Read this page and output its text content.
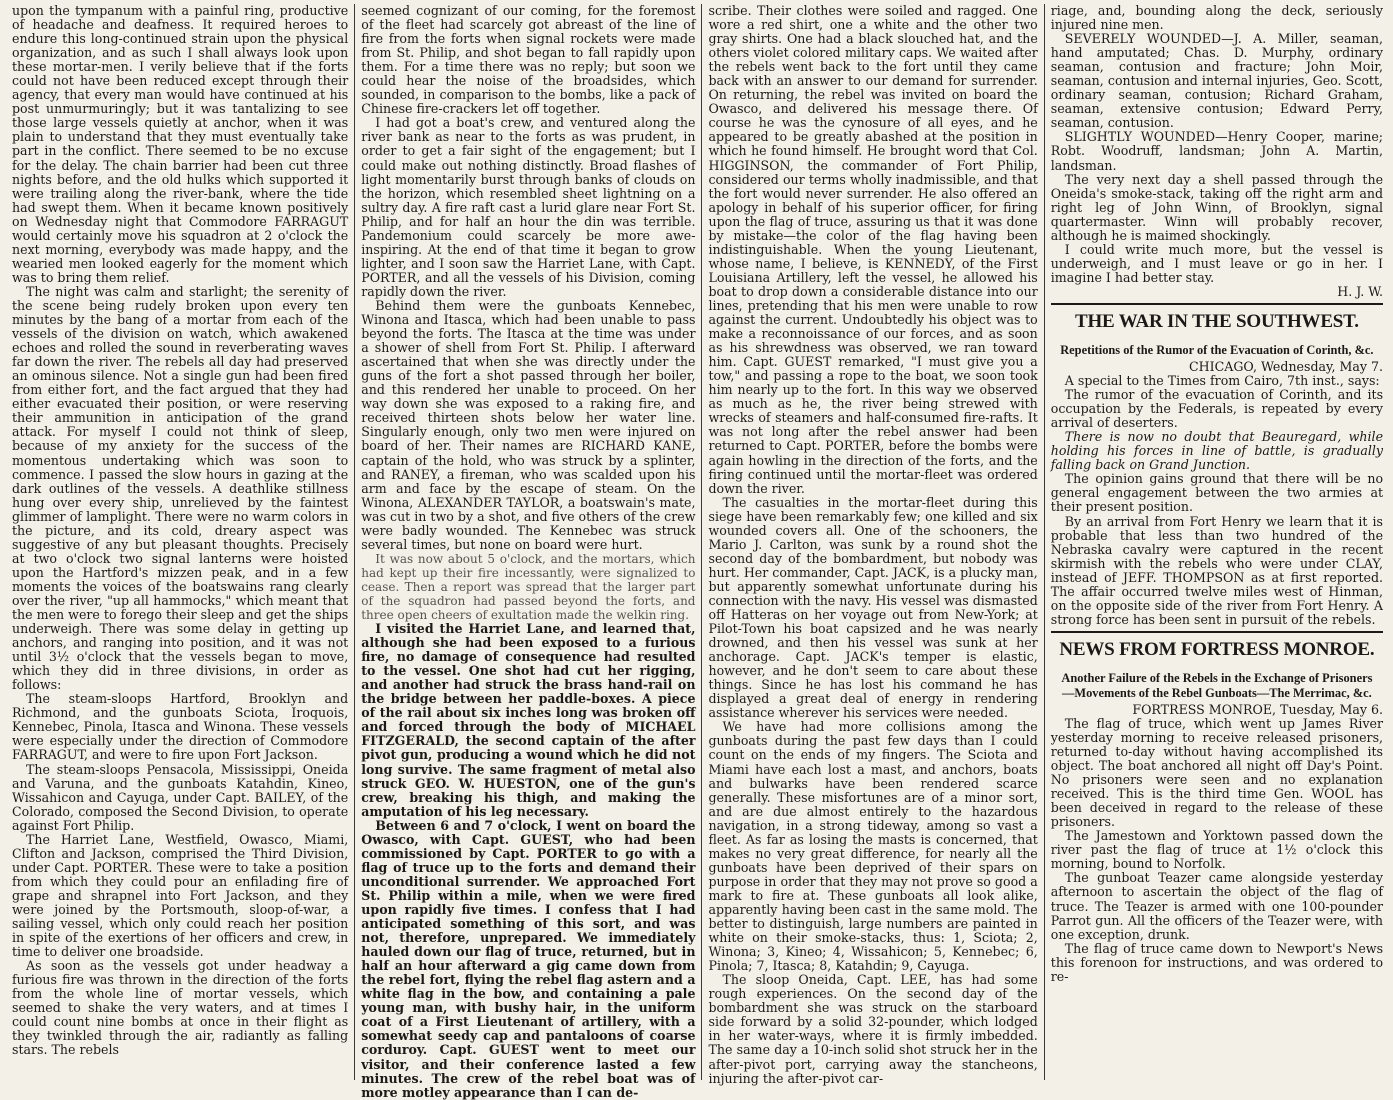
upon the tympanum with a painful ring, productive of headache and deafness. It required heroes to endure this long-continued strain upon the physical organization, and as such I shall always look upon these mortar-men. I verily believe that if the forts could not have been reduced except through their agency, that every man would have continued at his post unmurmuringly; but it was tantalizing to see those large vessels quietly at anchor, when it was plain to understand that they must eventually take part in the conflict. There seemed to be no excuse for the delay. The chain barrier had been cut three nights before, and the old hulks which supported it were trailing along the river-bank, where the tide had swept them. When it became known positively on Wednesday night that Commodore FARRAGUT would certainly move his squadron at 2 o'clock the next morning, everybody was made happy, and the wearied men looked eagerly for the moment which was to bring them relief.

The night was calm and starlight; the serenity of the scene being rudely broken upon every ten minutes by the bang of a mortar from each of the vessels of the division on watch, which awakened echoes and rolled the sound in reverberating waves far down the river. The rebels all day had preserved an ominous silence. Not a single gun had been fired from either fort, and the fact argued that they had either evacuated their position, or were reserving their ammunition in anticipation of the grand attack. For myself I could not think of sleep, because of my anxiety for the success of the momentous undertaking which was soon to commence. I passed the slow hours in gazing at the dark outlines of the vessels. A deathlike stillness hung over every ship, unrelieved by the faintest glimmer of lamplight. There were no warm colors in the picture, and its cold, dreary aspect was suggestive of any but pleasant thoughts. Precisely at two o'clock two signal lanterns were hoisted upon the Hartford's mizzen peak, and in a few moments the voices of the boatswains rang clearly over the river, "up all hammocks," which meant that the men were to forego their sleep and get the ships underweigh. There was some delay in getting up anchors, and ranging into position, and it was not until 3½ o'clock that the vessels began to move, which they did in three divisions, in order as follows:

The steam-sloops Hartford, Brooklyn and Richmond, and the gunboats Sciota, Iroquois, Kennebec, Pinola, Itasca and Winona. These vessels were especially under the direction of Commodore FARRAGUT, and were to fire upon Fort Jackson.

The steam-sloops Pensacola, Mississippi, Oneida and Varuna, and the gunboats Katahdin, Kineo, Wissahicon and Cayuga, under Capt. BAILEY, of the Colorado, composed the Second Division, to operate against Fort Philip.

The Harriet Lane, Westfield, Owasco, Miami, Clifton and Jackson, comprised the Third Division, under Capt. PORTER. These were to take a position from which they could pour an enfilading fire of grape and shrapnel into Fort Jackson, and they were joined by the Portsmouth, sloop-of-war, a sailing vessel, which only could reach her position in spite of the exertions of her officers and crew, in time to deliver one broadside.

As soon as the vessels got under headway a furious fire was thrown in the direction of the forts from the whole line of mortar vessels, which seemed to shake the very waters, and at times I could count nine bombs at once in their flight as they twinkled through the air, radiantly as falling stars. The rebels

seemed cognizant of our coming, for the foremost of the fleet had scarcely got abreast of the line of fire from the forts when signal rockets were made from St. Philip, and shot began to fall rapidly upon them. For a time there was no reply; but soon we could hear the noise of the broadsides, which sounded, in comparison to the bombs, like a pack of Chinese fire-crackers let off together.

I had got a boat's crew, and ventured along the river bank as near to the forts as was prudent, in order to get a fair sight of the engagement; but I could make out nothing distinctly. Broad flashes of light momentarily burst through banks of clouds on the horizon, which resembled sheet lightning on a sultry day. A fire raft cast a lurid glare near Fort St. Philip, and for half an hour the din was terrible. Pandemonium could scarcely be more awe-inspiring. At the end of that time it began to grow lighter, and I soon saw the Harriet Lane, with Capt. PORTER, and all the vessels of his Division, coming rapidly down the river.

Behind them were the gunboats Kennebec, Winona and Itasca, which had been unable to pass beyond the forts. The Itasca at the time was under a shower of shell from Fort St. Philip. I afterward ascertained that when she was directly under the guns of the fort a shot passed through her boiler, and this rendered her unable to proceed. On her way down she was exposed to a raking fire, and received thirteen shots below her water line. Singularly enough, only two men were injured on board of her. Their names are RICHARD KANE, captain of the hold, who was struck by a splinter, and RANEY, a fireman, who was scalded upon his arm and face by the escape of steam. On the Winona, ALEXANDER TAYLOR, a boatswain's mate, was cut in two by a shot, and five others of the crew were badly wounded. The Kennebec was struck several times, but none on board were hurt.

It was now about 5 o'clock, and the mortars, which had kept up their fire incessantly, were signalized to cease. Then a report was spread that the larger part of the squadron had passed beyond the forts, and three open cheers of exultation made the welkin ring.

I visited the Harriet Lane, and learned that, although she had been exposed to a furious fire, no damage of consequence had resulted to the vessel. One shot had cut her rigging, and another had struck the brass hand-rail on the bridge between her paddle-boxes. A piece of the rail about six inches long was broken off and forced through the body of MICHAEL FITZGERALD, the second captain of the after pivot gun, producing a wound which he did not long survive. The same fragment of metal also struck GEO. W. HUESTON, one of the gun's crew, breaking his thigh, and making the amputation of his leg necessary.

Between 6 and 7 o'clock, I went on board the Owasco, with Capt. GUEST, who had been commissioned by Capt. PORTER to go with a flag of truce up to the forts and demand their unconditional surrender. We approached Fort St. Philip within a mile, when we were fired upon rapidly five times. I confess that I had anticipated something of this sort, and was not, therefore, unprepared. We immediately hauled down our flag of truce, returned, but in half an hour afterward a gig came down from the rebel fort, flying the rebel flag astern and a white flag in the bow, and containing a pale young man, with bushy hair, in the uniform coat of a First Lieutenant of artillery, with a somewhat seedy cap and pantaloons of coarse corduroy. Capt. GUEST went to meet our visitor, and their conference lasted a few minutes. The crew of the rebel boat was of more motley appearance than I can de-

scribe. Their clothes were soiled and ragged. One wore a red shirt, one a white and the other two gray shirts. One had a black slouched hat, and the others violet colored military caps. We waited after the rebels went back to the fort until they came back with an answer to our demand for surrender. On returning, the rebel was invited on board the Owasco, and delivered his message there. Of course he was the cynosure of all eyes, and he appeared to be greatly abashed at the position in which he found himself. He brought word that Col. HIGGINSON, the commander of Fort Philip, considered our terms wholly inadmissible, and that the fort would never surrender. He also offered an apology in behalf of his superior officer, for firing upon the flag of truce, assuring us that it was done by mistake—the color of the flag having been indistinguishable. When the young Lieutenant, whose name, I believe, is KENNEDY, of the First Louisiana Artillery, left the vessel, he allowed his boat to drop down a considerable distance into our lines, pretending that his men were unable to row against the current. Undoubtedly his object was to make a reconnoissance of our forces, and as soon as his shrewdness was observed, we ran toward him. Capt. GUEST remarked, "I must give you a tow," and passing a rope to the boat, we soon took him nearly up to the fort. In this way we observed as much as he, the river being strewed with wrecks of steamers and half-consumed fire-rafts. It was not long after the rebel answer had been returned to Capt. PORTER, before the bombs were again howling in the direction of the forts, and the firing continued until the mortar-fleet was ordered down the river.

The casualties in the mortar-fleet during this siege have been remarkably few; one killed and six wounded covers all. One of the schooners, the Mario J. Carlton, was sunk by a round shot the second day of the bombardment, but nobody was hurt. Her commander, Capt. JACK, is a plucky man, but apparently somewhat unfortunate during his connection with the navy. His vessel was dismasted off Hatteras on her voyage out from New-York; at Pilot-Town his boat capsized and he was nearly drowned, and then his vessel was sunk at her anchorage. Capt. JACK's temper is elastic, however, and he don't seem to care about these things. Since he has lost his command he has displayed a great deal of energy in rendering assistance wherever his services were needed.

We have had more collisions among the gunboats during the past few days than I could count on the ends of my fingers. The Sciota and Miami have each lost a mast, and anchors, boats and bulwarks have been rendered scarce generally. These misfortunes are of a minor sort, and are due almost entirely to the hazardous navigation, in a strong tideway, among so vast a fleet. As far as losing the masts is concerned, that makes no very great difference, for nearly all the gunboats have been deprived of their spars on purpose in order that they may not prove so good a mark to fire at. These gunboats all look alike, apparently having been cast in the same mold. The better to distinguish, large numbers are painted in white on their smoke-stacks, thus: 1, Sciota; 2, Winona; 3, Kineo; 4, Wissahicon; 5, Kennebec; 6, Pinola; 7, Itasca; 8, Katahdin; 9, Cayuga.

The sloop Oneida, Capt. LEE, has had some rough experiences. On the second day of the bombardment she was struck on the starboard side forward by a solid 32-pounder, which lodged in her water-ways, where it is firmly imbedded. The same day a 10-inch solid shot struck her in the after-pivot port, carrying away the stancheons, injuring the after-pivot car-

riage, and, bounding along the deck, seriously injured nine men.

SEVERELY WOUNDED—J. A. Miller, seaman, hand amputated; Chas. D. Murphy, ordinary seaman, contusion and fracture; John Moir, seaman, contusion and internal injuries, Geo. Scott, ordinary seaman, contusion; Richard Graham, seaman, extensive contusion; Edward Perry, seaman, contusion.

SLIGHTLY WOUNDED—Henry Cooper, marine; Robt. Woodruff, landsman; John A. Martin, landsman.

The very next day a shell passed through the Oneida's smoke-stack, taking off the right arm and right leg of John Winn, of Brooklyn, signal quartermaster. Winn will probably recover, although he is maimed shockingly.

I could write much more, but the vessel is underweigh, and I must leave or go in her. I imagine I had better stay.

H. J. W.

THE WAR IN THE SOUTHWEST.
Repetitions of the Rumor of the Evacuation of Corinth, &c.

CHICAGO, Wednesday, May 7.

A special to the Times from Cairo, 7th inst., says:

The rumor of the evacuation of Corinth, and its occupation by the Federals, is repeated by every arrival of deserters.

There is now no doubt that Beauregard, while holding his forces in line of battle, is gradually falling back on Grand Junction.

The opinion gains ground that there will be no general engagement between the two armies at their present position.

By an arrival from Fort Henry we learn that it is probable that less than two hundred of the Nebraska cavalry were captured in the recent skirmish with the rebels who were under CLAY, instead of JEFF. THOMPSON as at first reported. The affair occurred twelve miles west of Hinman, on the opposite side of the river from Fort Henry. A strong force has been sent in pursuit of the rebels.

NEWS FROM FORTRESS MONROE.
Another Failure of the Rebels in the Exchange of Prisoners—Movements of the Rebel Gunboats—The Merrimac, &c.

FORTRESS MONROE, Tuesday, May 6.

The flag of truce, which went up James River yesterday morning to receive released prisoners, returned to-day without having accomplished its object. The boat anchored all night off Day's Point. No prisoners were seen and no explanation received. This is the third time Gen. WOOL has been deceived in regard to the release of these prisoners.

The Jamestown and Yorktown passed down the river past the flag of truce at 1½ o'clock this morning, bound to Norfolk.

The gunboat Teazer came alongside yesterday afternoon to ascertain the object of the flag of truce. The Teazer is armed with one 100-pounder Parrot gun. All the officers of the Teazer were, with one exception, drunk.

The flag of truce came down to Newport's News this forenoon for instructions, and was ordered to re-
